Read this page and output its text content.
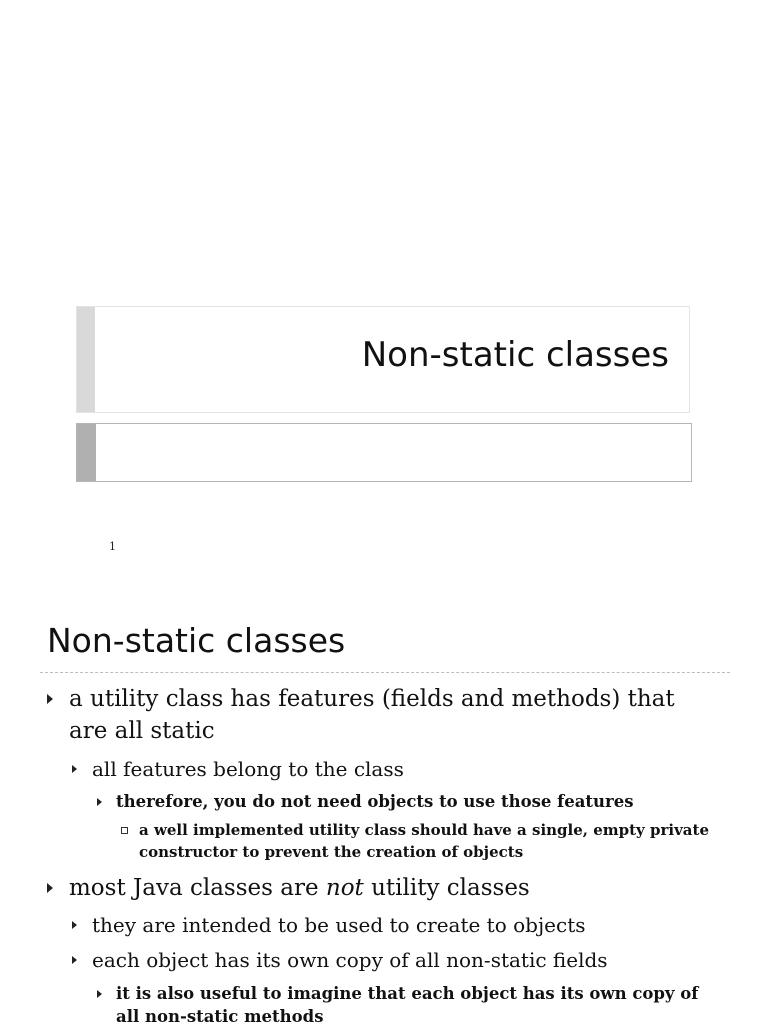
Non-static classes
1
Non-static classes
a utility class has features (fields and methods) that are all static
all features belong to the class
therefore, you do not need objects to use those features
a well implemented utility class should have a single, empty private constructor to prevent the creation of objects
most Java classes are not utility classes
they are intended to be used to create to objects
each object has its own copy of all non-static fields
it is also useful to imagine that each object has its own copy of all non-static methods
